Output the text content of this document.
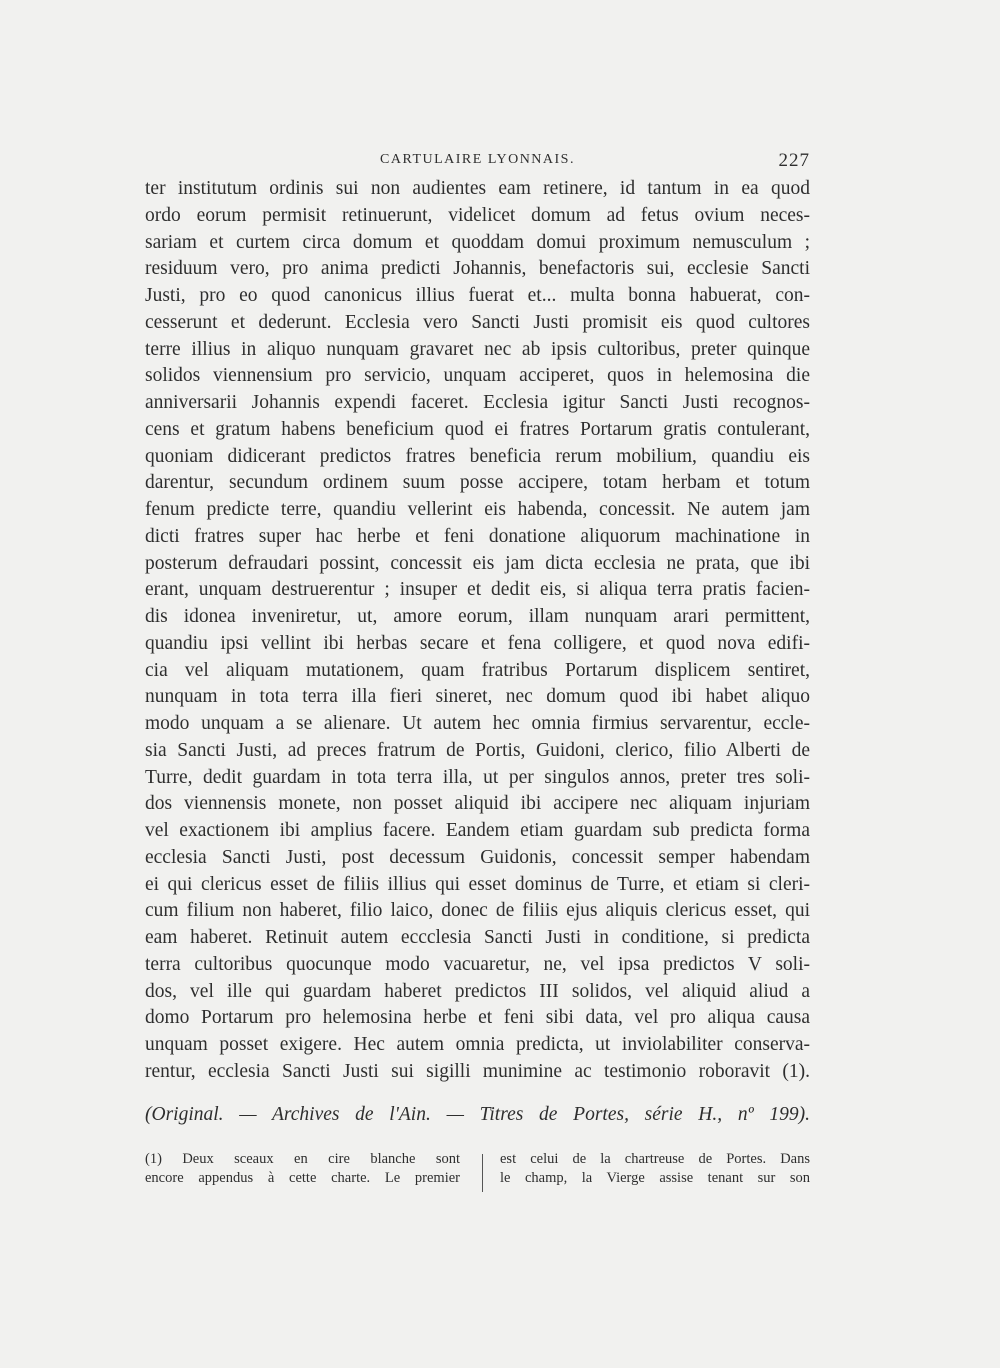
CARTULAIRE LYONNAIS.	227
ter institutum ordinis sui non audientes eam retinere, id tantum in ea quod
ordo eorum permisit retinuerunt, videlicet domum ad fetus ovium neces-
sariam et curtem circa domum et quoddam domui proximum nemusculum ;
residuum vero, pro anima predicti Johannis, benefactoris sui, ecclesie Sancti
Justi, pro eo quod canonicus illius fuerat et... multa bonna habuerat, con-
cesserunt et dederunt. Ecclesia vero Sancti Justi promisit eis quod cultores
terre illius in aliquo nunquam gravaret nec ab ipsis cultoribus, preter quinque
solidos viennensium pro servicio, unquam acciperet, quos in helemosina die
anniversarii Johannis expendi faceret. Ecclesia igitur Sancti Justi recognos-
cens et gratum habens beneficium quod ei fratres Portarum gratis contulerant,
quoniam didicerant predictos fratres beneficia rerum mobilium, quandiu eis
darentur, secundum ordinem suum posse accipere, totam herbam et totum
fenum predicte terre, quandiu vellerint eis habenda, concessit. Ne autem jam
dicti fratres super hac herbe et feni donatione aliquorum machinatione in
posterum defraudari possint, concessit eis jam dicta ecclesia ne prata, que ibi
erant, unquam destruerentur ; insuper et dedit eis, si aliqua terra pratis facien-
dis idonea inveniretur, ut, amore eorum, illam nunquam arari permittent,
quandiu ipsi vellint ibi herbas secare et fena colligere, et quod nova edifi-
cia vel aliquam mutationem, quam fratribus Portarum displicem sentiret,
nunquam in tota terra illa fieri sineret, nec domum quod ibi habet aliquo
modo unquam a se alienare. Ut autem hec omnia firmius servarentur, eccle-
sia Sancti Justi, ad preces fratrum de Portis, Guidoni, clerico, filio Alberti de
Turre, dedit guardam in tota terra illa, ut per singulos annos, preter tres soli-
dos viennensis monete, non posset aliquid ibi accipere nec aliquam injuriam
vel exactionem ibi amplius facere. Eandem etiam guardam sub predicta forma
ecclesia Sancti Justi, post decessum Guidonis, concessit semper habendam
ei qui clericus esset de filiis illius qui esset dominus de Turre, et etiam si cleri-
cum filium non haberet, filio laico, donec de filiis ejus aliquis clericus esset, qui
eam haberet. Retinuit autem eccclesia Sancti Justi in conditione, si predicta
terra cultoribus quocunque modo vacuaretur, ne, vel ipsa predictos V soli-
dos, vel ille qui guardam haberet predictos III solidos, vel aliquid aliud a
domo Portarum pro helemosina herbe et feni sibi data, vel pro aliqua causa
unquam posset exigere. Hec autem omnia predicta, ut inviolabiliter conserva-
rentur, ecclesia Sancti Justi sui sigilli munimine ac testimonio roboravit (1).
(Original. — Archives de l'Ain. — Titres de Portes, série H., nº 199).
(1) Deux sceaux en cire blanche sont
encore appendus à cette charte. Le premier
est celui de la chartreuse de Portes. Dans
le champ, la Vierge assise tenant sur son
